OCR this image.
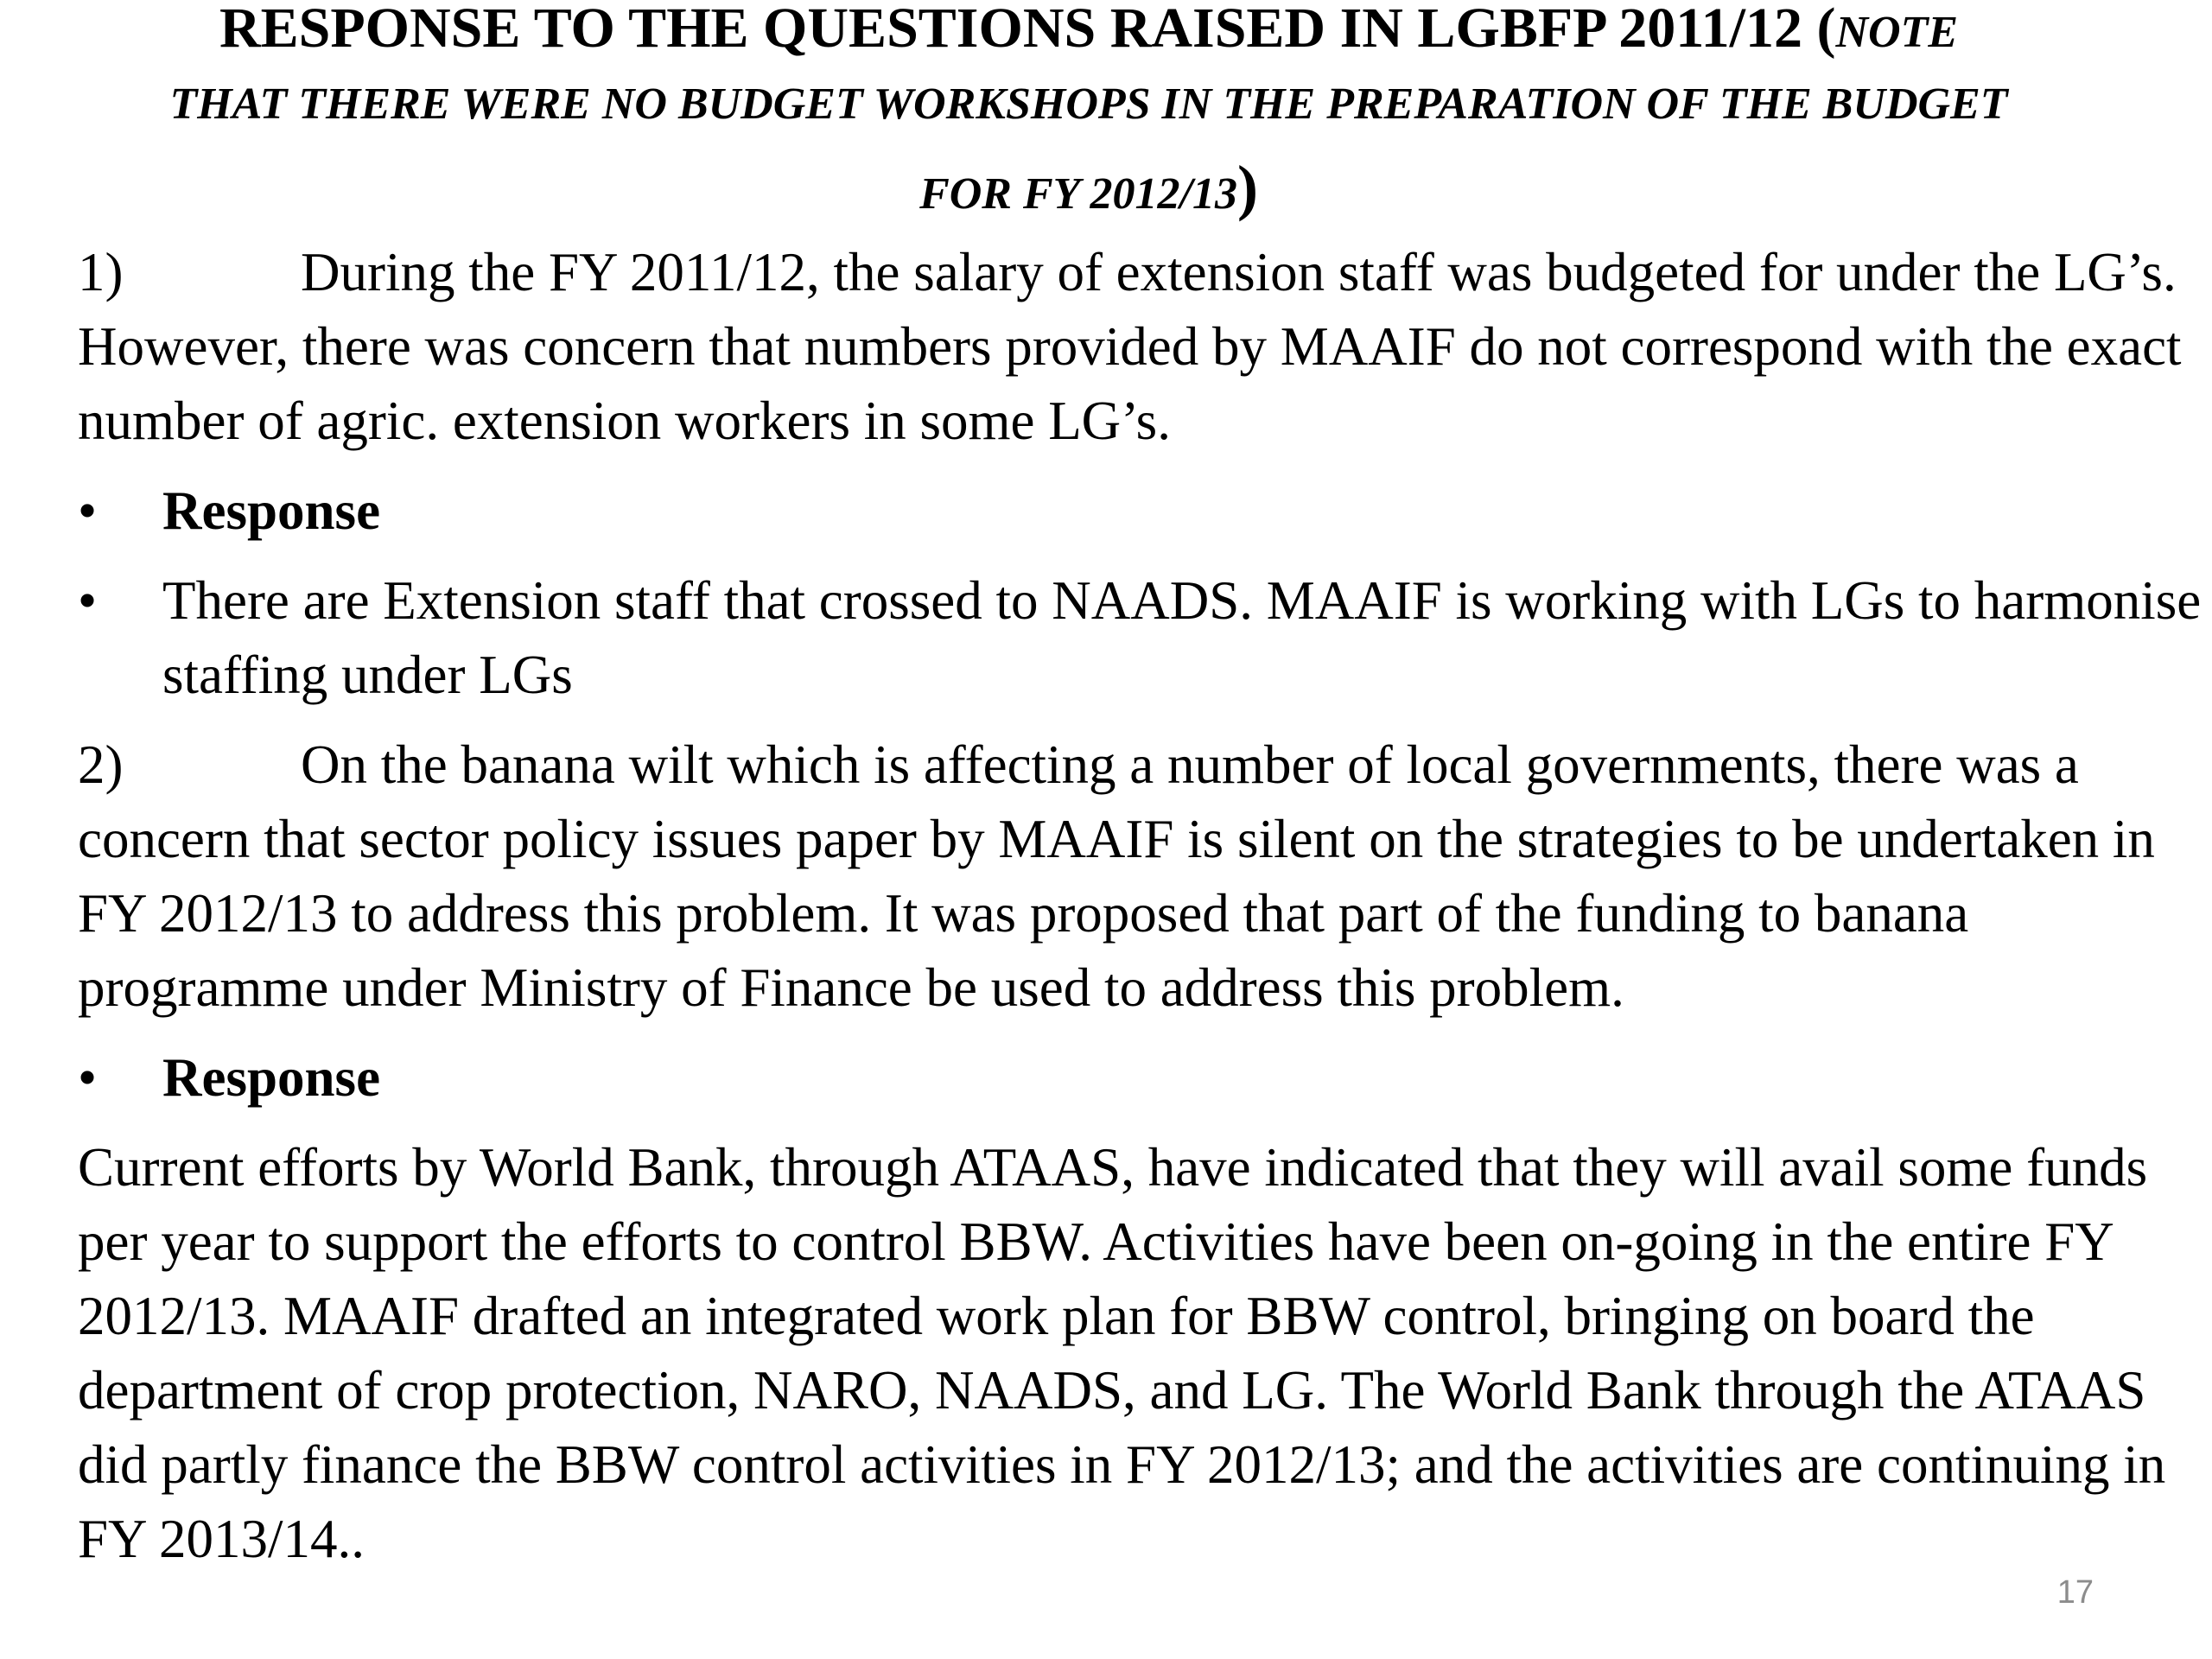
RESPONSE TO THE QUESTIONS RAISED IN LGBFP 2011/12 (NOTE
THAT THERE WERE NO BUDGET WORKSHOPS IN THE PREPARATION OF THE BUDGET
FOR FY 2012/13)

1)	During the FY 2011/12, the salary of extension staff was budgeted for under the LG’s. However, there was concern that numbers provided by MAAIF do not correspond with the exact number of agric. extension workers in some LG’s.

• Response

• There are Extension staff that crossed to NAADS. MAAIF is working with LGs to harmonise staffing under LGs

2)	On the banana wilt which is affecting a number of local governments, there was a concern that sector policy issues paper by MAAIF is silent on the strategies to be undertaken in FY 2012/13 to address this problem. It was proposed that part of the funding to banana programme under Ministry of Finance be used to address this problem.

• Response

Current efforts by World Bank, through ATAAS, have indicated that they will avail some funds per year to support the efforts to control BBW. Activities have been on-going in the entire FY 2012/13. MAAIF drafted an integrated work plan for BBW control, bringing on board the department of crop protection, NARO, NAADS, and LG. The World Bank through the ATAAS did partly finance the BBW control activities in FY 2012/13; and the activities are continuing in FY 2013/14..

17
